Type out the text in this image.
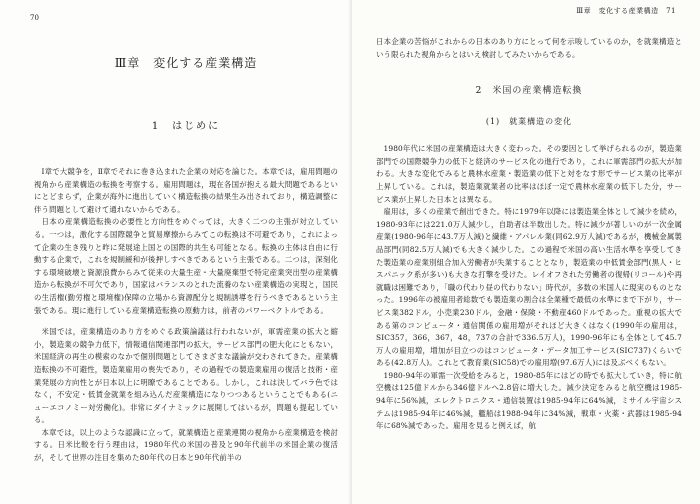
70
Ⅲ章　変化する産業構造
1　はじめに

Ⅰ章で大競争を，Ⅱ章でそれに巻き込まれた企業の対応を論じた。本章では，雇用問題の視角から産業構造の転換を考察する。雇用問題は，現在各国が抱える最大問題であるといにとどまらず，企業が海外に進出していく構造転換の結果生み出されており，構造調整に伴う問題として避けて通れないからである。

日本の産業構造転換の必要性と方向性をめぐっては，大きく二つの主張が対立している。一つは，激化する国際競争と貿易摩擦からみてこの転換は不可避であり，これによって企業の生き残りと昨に発展途上国との国際的共生も可能となる。転換の主体は自由に行動する企業で，これを規制緩和が後押しすべきであるという主張である。二つは，深刻化する環境破壊と資源浪費からみて従来の大量生産・大量廃棄型で特定産業突出型の産業構造から転換が不可欠であり，国家はバランスのとれた流養のない産業構造の実現と，国民の生活権(勤労権と環境権)保障の立場から資源配分と規制誘導を行うべきであるという主張である。現に進行している産業構造転換の原動力は，前者のパワーベクトルである。

米国では，産業構造のあり方をめぐる政策論議は行われないが，軍需産業の拡大と縮小，製造業の競争力低下，情報通信関連部門の拡大，サービス部門の肥大化にともない，米国経済の再生の模索のなかで個別問題としてさまざまな議論が交わされてきた。産業構造転換の不可避性，製造業雇用の喪失であり，その過程での製造業雇用の復活と技術・産業発展の方向性とが日本以上に明瞭であることである。しかし，これは決してバラ色ではなく，不安定・低賃金就業を組み込んだ産業構造になりつつあるということでもある(ニューエコノミー対労働化)。非常にダイナミックに展開してはいるが，問題も提起している。

本章では，以上のような認識に立って，就業構造と産業連関の視角から産業構造を検討する。日米比較を行う理由は，1980年代の米国の普及と90年代前半の米国企業の復活が，そして世界の注目を集めた80年代の日本と90年代前半の

Ⅲ章　変化する産業構造　71

日本企業の苦悩がこれからの日本のあり方にとって何を示唆しているのか，を就業構造という限られた視角からとはいえ検討してみたいからである。

2　米国の産業構造転換
(1)　就業構造の変化

1980年代に米国の産業構造は大きく変わった。その要因として挙げられるのが，製造業部門での国際競争力の低下と経済のサービス化の進行であり，これに軍需部門の拡大が加わる。大きな変化でみると農林水産業・製造業の低下と対をなす形でサービス業の比率が上昇している。これは，製造業就業者の比率はほぼ一定で農林水産業の低下した分，サービス業が上昇した日本とは異なる。

雇用は，多くの産業で創出できた。特に1979年以降には製造業全体として減少を続め，1980-93年には221.0万人減少し，自助者は半数出した。特に減少が著しいのが一次金属産業(1980-96年に43.7万人減)と繊維・アパレル業(同62.9万人減)であるが，機械金属製品部門(同82.5万人減)でも大きく減少した。この過程で米国の高い生活水準を享受してきた製造業の産業別組合加入労働者が失業することとなり，製造業の中低賃金部門(黒人・ヒスパニック系が多い)も大きな打撃を受けた。レイオフされた労働者の復帰(リコール)や再就職は困難であり，「職の代わり昼の代わりない」時代が，多数の米国人に現実のものとなった。1996年の被雇用者総数でも製造業の割合は全業種で最低の水準にまで下がり，サービス業382ドル，小売業230ドル，金融・保険・不動産460ドルであった。重視の拡大である第のコンピュータ・通信関係の雇用増がそれほど大きくはなく(1990年の雇用は，SIC357，366，367，48，737の合計で336.5万人)，1990-96年にも全体として45.7万人の雇用増，増加が目立つのはコンピュータ・データ加工サービス(SIC737)くらいである(42.8万人)。これとて教育業(SIC58)での雇用増(97.6万人)には及ぶべくもない。

1980-94年の軍需一次受給をみると，1980-85年にはどの時でも拡大していき，特に航空機は125億ドルから346億ドルへ2.8倍に増大した。減少決定をみると航空機は1985-94年に56%減，エレクトロニクス・通信装置は1985-94年に64%減，ミサイル宇宙システムは1985-94年に46%減，艦船は1988-94年に34%減，戦車・火薬・武器は1985-94年に68%減であった。雇用を見ると例えば，航
